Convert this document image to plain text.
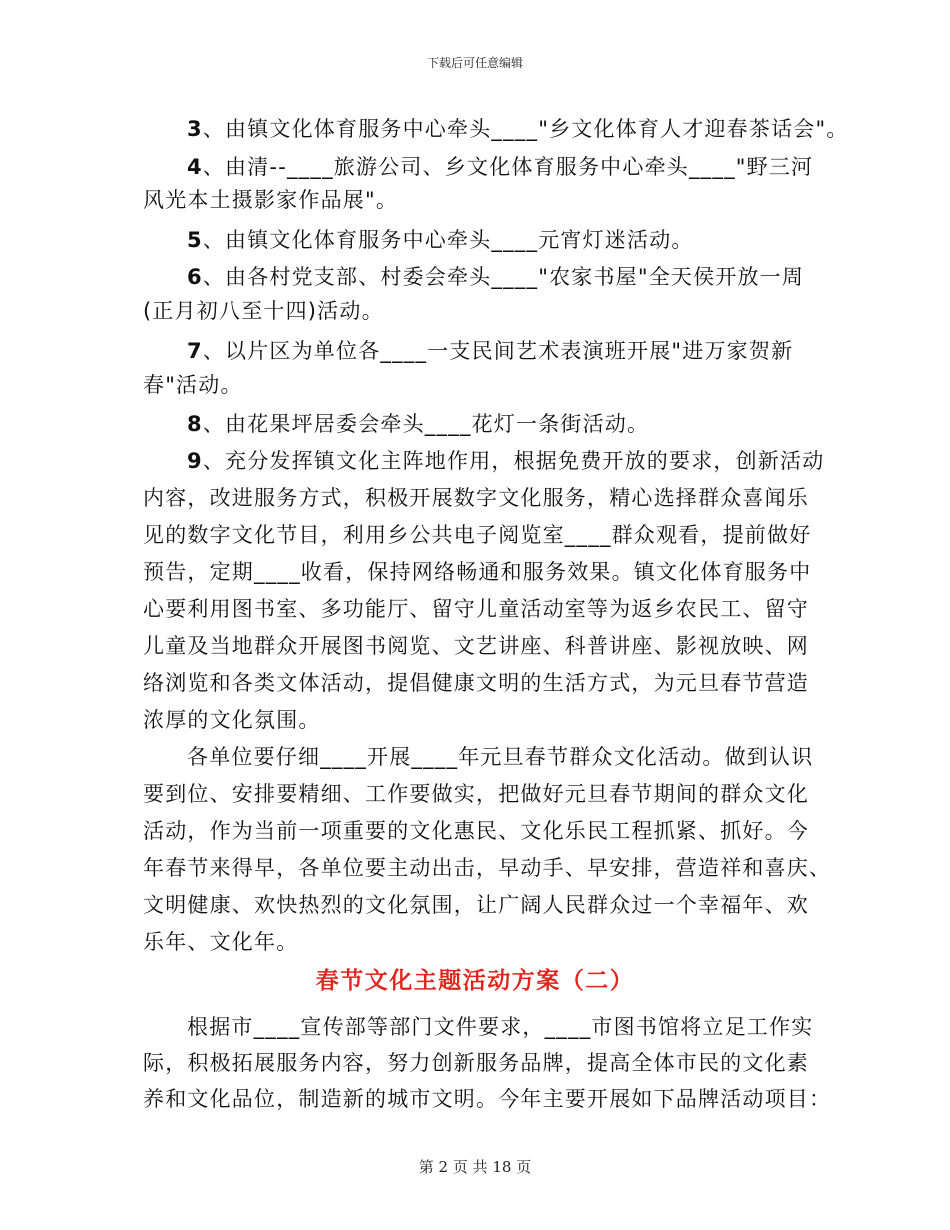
下载后可任意编辑
3、由镇文化体育服务中心牵头____"乡文化体育人才迎春茶话会"。
4、由清--____旅游公司、乡文化体育服务中心牵头____"野三河
风光本土摄影家作品展"。
5、由镇文化体育服务中心牵头____元宵灯迷活动。
6、由各村党支部、村委会牵头____"农家书屋"全天侯开放一周
(正月初八至十四)活动。
7、以片区为单位各____一支民间艺术表演班开展"进万家贺新
春"活动。
8、由花果坪居委会牵头____花灯一条街活动。
9、充分发挥镇文化主阵地作用，根据免费开放的要求，创新活动
内容，改进服务方式，积极开展数字文化服务，精心选择群众喜闻乐
见的数字文化节目，利用乡公共电子阅览室____群众观看，提前做好
预告，定期____收看，保持网络畅通和服务效果。镇文化体育服务中
心要利用图书室、多功能厅、留守儿童活动室等为返乡农民工、留守
儿童及当地群众开展图书阅览、文艺讲座、科普讲座、影视放映、网
络浏览和各类文体活动，提倡健康文明的生活方式，为元旦春节营造
浓厚的文化氛围。
各单位要仔细____开展____年元旦春节群众文化活动。做到认识
要到位、安排要精细、工作要做实，把做好元旦春节期间的群众文化
活动，作为当前一项重要的文化惠民、文化乐民工程抓紧、抓好。今
年春节来得早，各单位要主动出击，早动手、早安排，营造祥和喜庆、
文明健康、欢快热烈的文化氛围，让广阔人民群众过一个幸福年、欢
乐年、文化年。
春节文化主题活动方案（二）
根据市____宣传部等部门文件要求，____市图书馆将立足工作实
际，积极拓展服务内容，努力创新服务品牌，提高全体市民的文化素
养和文化品位，制造新的城市文明。今年主要开展如下品牌活动项目：
第 2 页 共 18 页
